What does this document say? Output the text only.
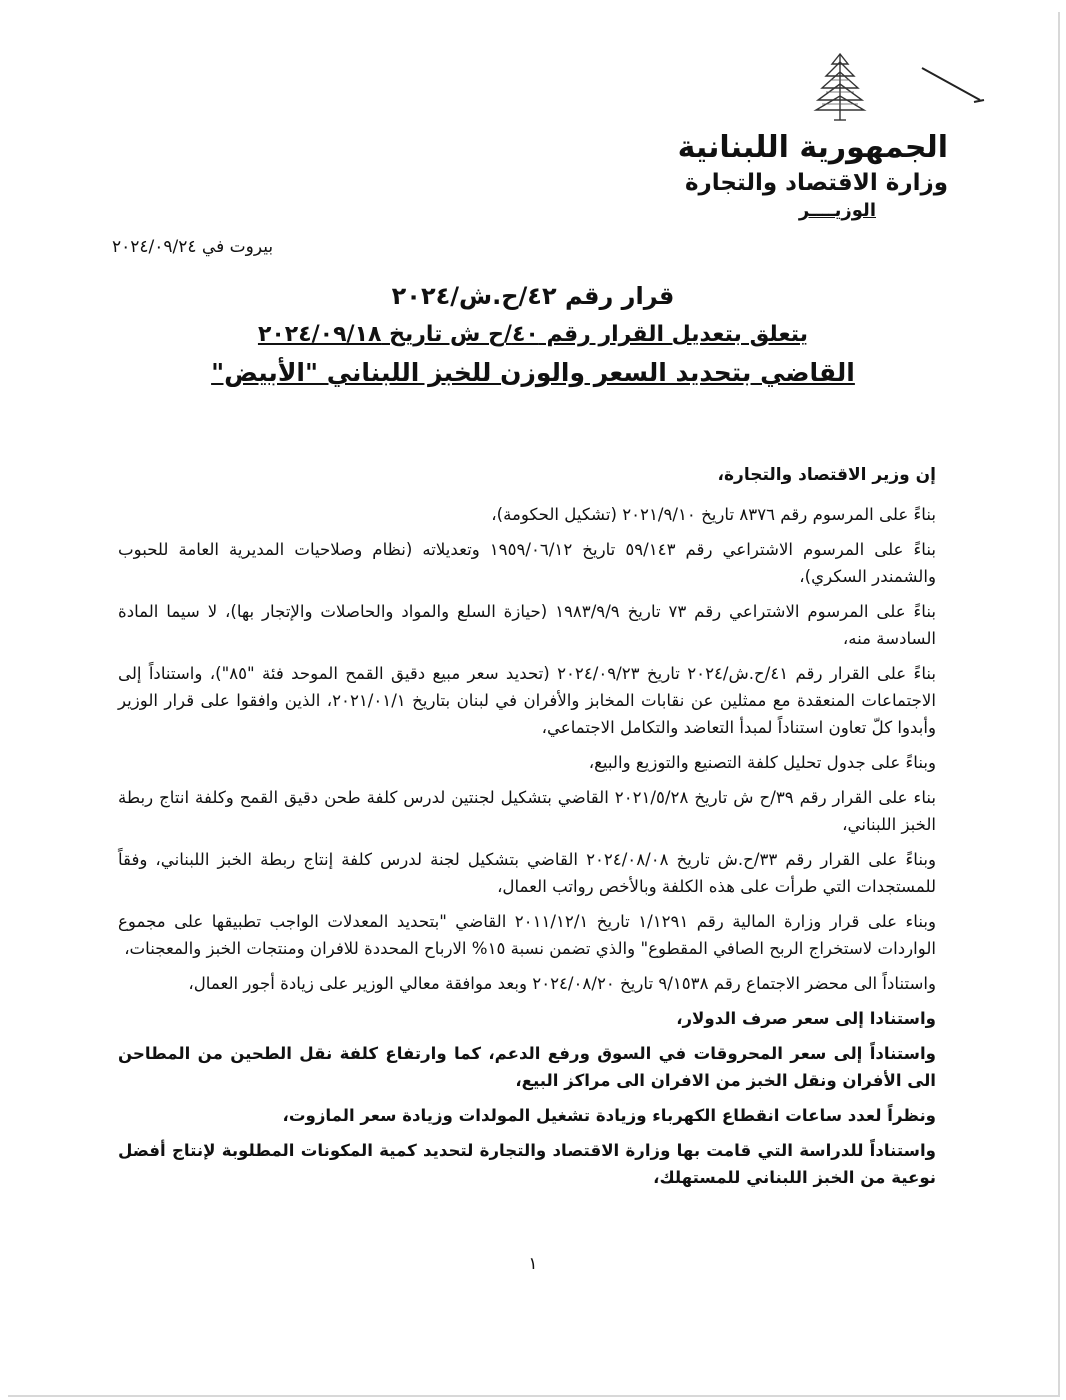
الجمهورية اللبنانية
وزارة الاقتصاد والتجارة
الوزيــــر
بيروت في ٢٠٢٤/٠٩/٢٤
قرار رقم ٤٢/ح.ش/٢٠٢٤
يتعلق بتعديل القرار رقم ٤٠/ح ش تاريخ ٢٠٢٤/٠٩/١٨
القاضي بتحديد السعر والوزن للخبز اللبناني "الأبيض"

إن وزير الاقتصاد والتجارة،

بناءً على المرسوم رقم ٨٣٧٦ تاريخ ٢٠٢١/٩/١٠ (تشكيل الحكومة)،

بناءً على المرسوم الاشتراعي رقم ٥٩/١٤٣ تاريخ ١٩٥٩/٠٦/١٢ وتعديلاته (نظام وصلاحيات المديرية العامة للحبوب والشمندر السكري)،

بناءً على المرسوم الاشتراعي رقم ٧٣ تاريخ ١٩٨٣/٩/٩ (حيازة السلع والمواد والحاصلات والإتجار بها)، لا سيما المادة السادسة منه،

بناءً على القرار رقم ٤١/ح.ش/٢٠٢٤ تاريخ ٢٠٢٤/٠٩/٢٣ (تحديد سعر مبيع دقيق القمح الموحد فئة "٨٥")، واستناداً إلى الاجتماعات المنعقدة مع ممثلين عن نقابات المخابز والأفران في لبنان بتاريخ ٢٠٢١/٠١/١، الذين وافقوا على قرار الوزير وأبدوا كلّ تعاون استناداً لمبدأ التعاضد والتكامل الاجتماعي،

وبناءً على جدول تحليل كلفة التصنيع والتوزيع والبيع،

بناء على القرار رقم ٣٩/ح ش تاريخ ٢٠٢١/٥/٢٨ القاضي بتشكيل لجنتين لدرس كلفة طحن دقيق القمح وكلفة انتاج ربطة الخبز اللبناني،

وبناءً على القرار رقم ٣٣/ح.ش تاريخ ٢٠٢٤/٠٨/٠٨ القاضي بتشكيل لجنة لدرس كلفة إنتاج ربطة الخبز اللبناني، وفقاً للمستجدات التي طرأت على هذه الكلفة وبالأخص رواتب العمال،

وبناء على قرار وزارة المالية رقم ١/١٢٩١ تاريخ ٢٠١١/١٢/١ القاضي "بتحديد المعدلات الواجب تطبيقها على مجموع الواردات لاستخراج الربح الصافي المقطوع" والذي تضمن نسبة ١٥% الارباح المحددة للافران ومنتجات الخبز والمعجنات،

واستناداً الى محضر الاجتماع رقم ٩/١٥٣٨ تاريخ ٢٠٢٤/٠٨/٢٠ وبعد موافقة معالي الوزير على زيادة أجور العمال،

واستنادا إلى سعر صرف الدولار،

واستناداً إلى سعر المحروقات في السوق ورفع الدعم، كما وارتفاع كلفة نقل الطحين من المطاحن الى الأفران ونقل الخبز من الافران الى مراكز البيع،

ونظراً لعدد ساعات انقطاع الكهرباء وزيادة تشغيل المولدات وزيادة سعر المازوت،

واستناداً للدراسة التي قامت بها وزارة الاقتصاد والتجارة لتحديد كمية المكونات المطلوبة لإنتاج أفضل نوعية من الخبز اللبناني للمستهلك،

١
